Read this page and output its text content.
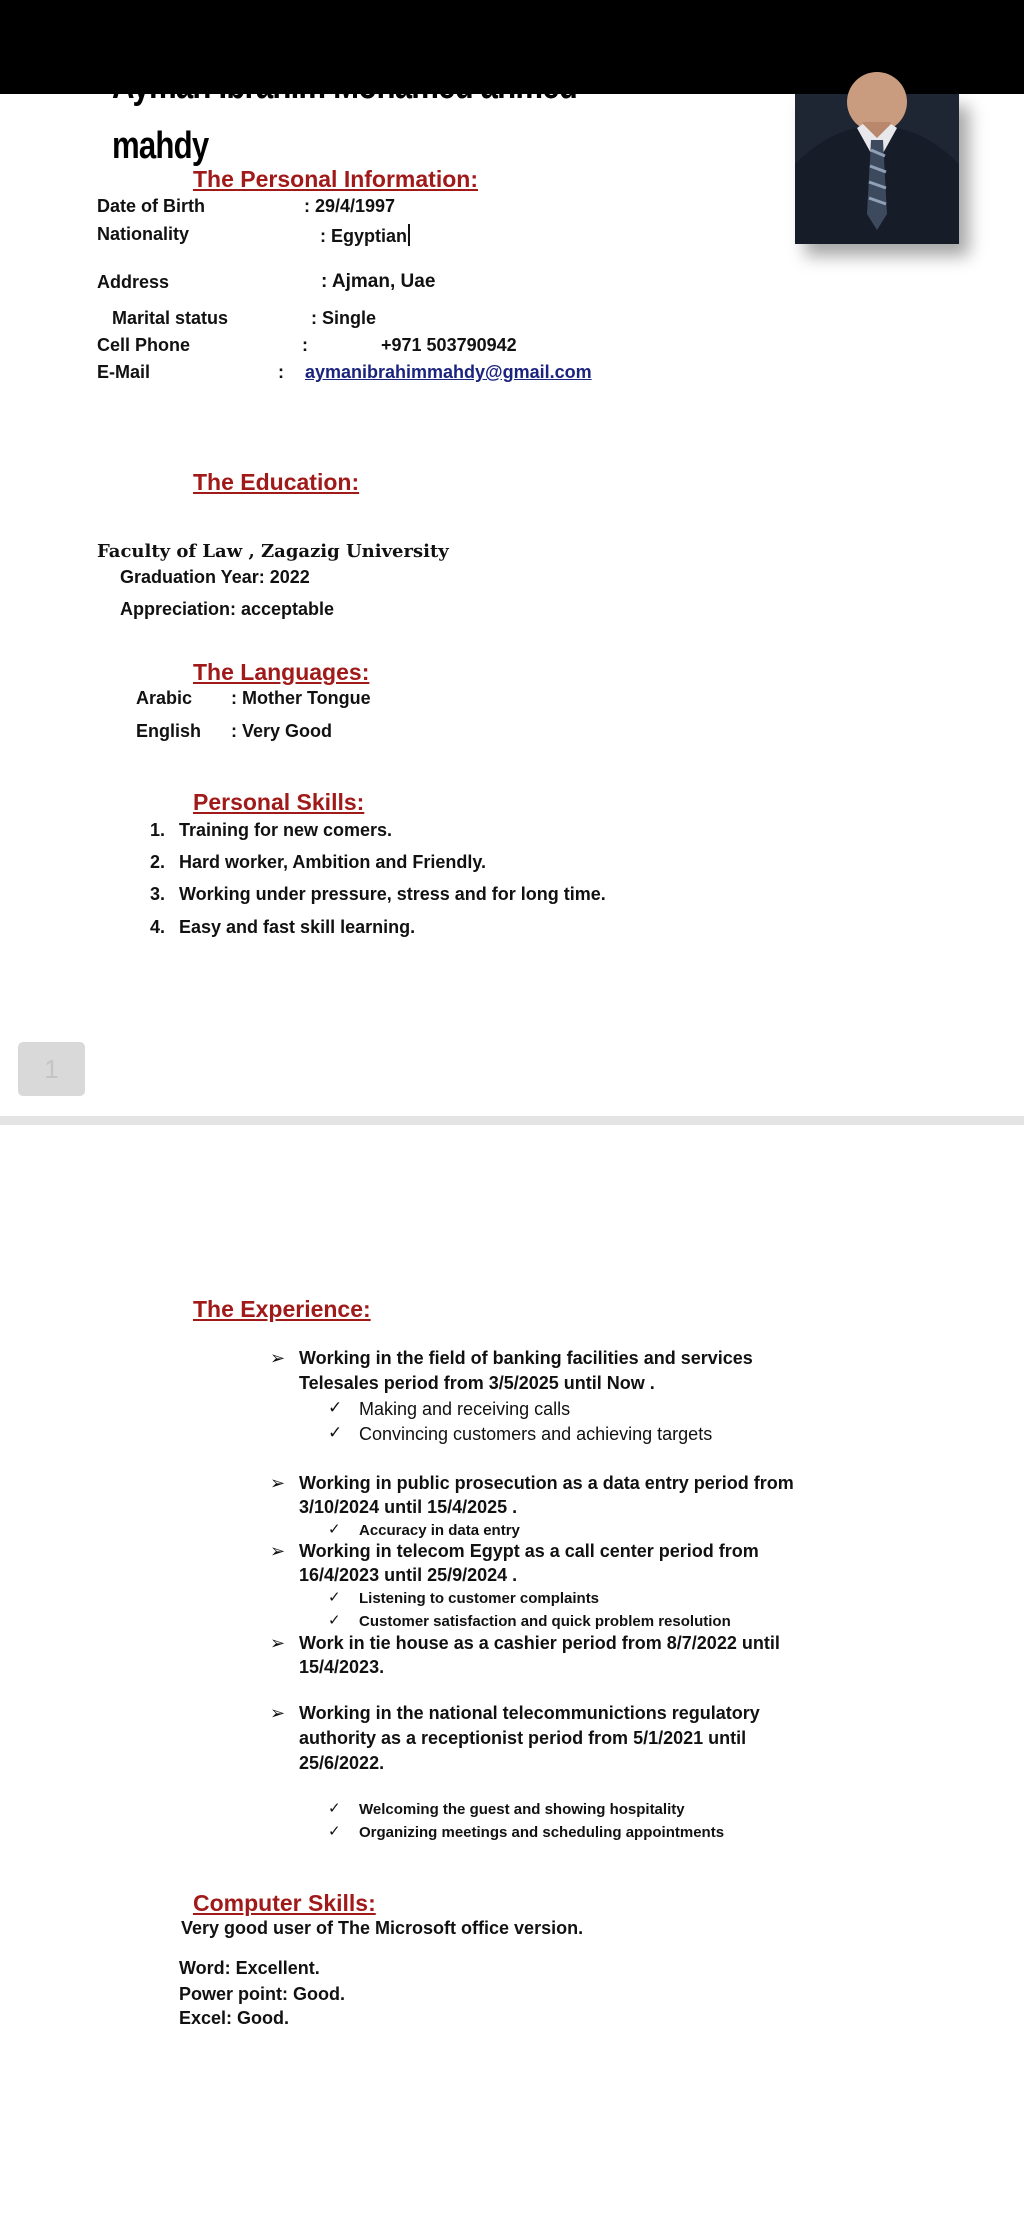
Ayman Ibrahim Mohamed ahmed mahdy
The Personal Information:
Date of Birth	: 29/4/1997
Nationality	: Egyptian
Address	: Ajman, Uae
Marital status	: Single
Cell Phone	:	+971 503790942
E-Mail	: aymanibrahimmahdy@gmail.com
The Education:
Faculty of Law , Zagazig University
Graduation Year: 2022
Appreciation: acceptable
The Languages:
Arabic : Mother Tongue
English : Very Good
Personal Skills:
1. Training for new comers.
2. Hard worker, Ambition and Friendly.
3. Working under pressure, stress and for long time.
4. Easy and fast skill learning.
1
The Experience:
➢ Working in the field of banking facilities and services
Telesales period from 3/5/2025 until Now .
✓ Making and receiving calls
✓ Convincing customers and achieving targets
➢ Working in public prosecution as a data entry period from
3/10/2024 until 15/4/2025 .
✓ Accuracy in data entry
➢ Working in telecom Egypt as a call center period from
16/4/2023 until 25/9/2024 .
✓ Listening to customer complaints
✓ Customer satisfaction and quick problem resolution
➢ Work in tie house as a cashier period from 8/7/2022 until
15/4/2023.
➢ Working in the national telecommunictions regulatory
authority as a receptionist period from 5/1/2021 until
25/6/2022.
✓ Welcoming the guest and showing hospitality
✓ Organizing meetings and scheduling appointments
Computer Skills:
Very good user of The Microsoft office version.
Word: Excellent.
Power point: Good.
Excel: Good.
